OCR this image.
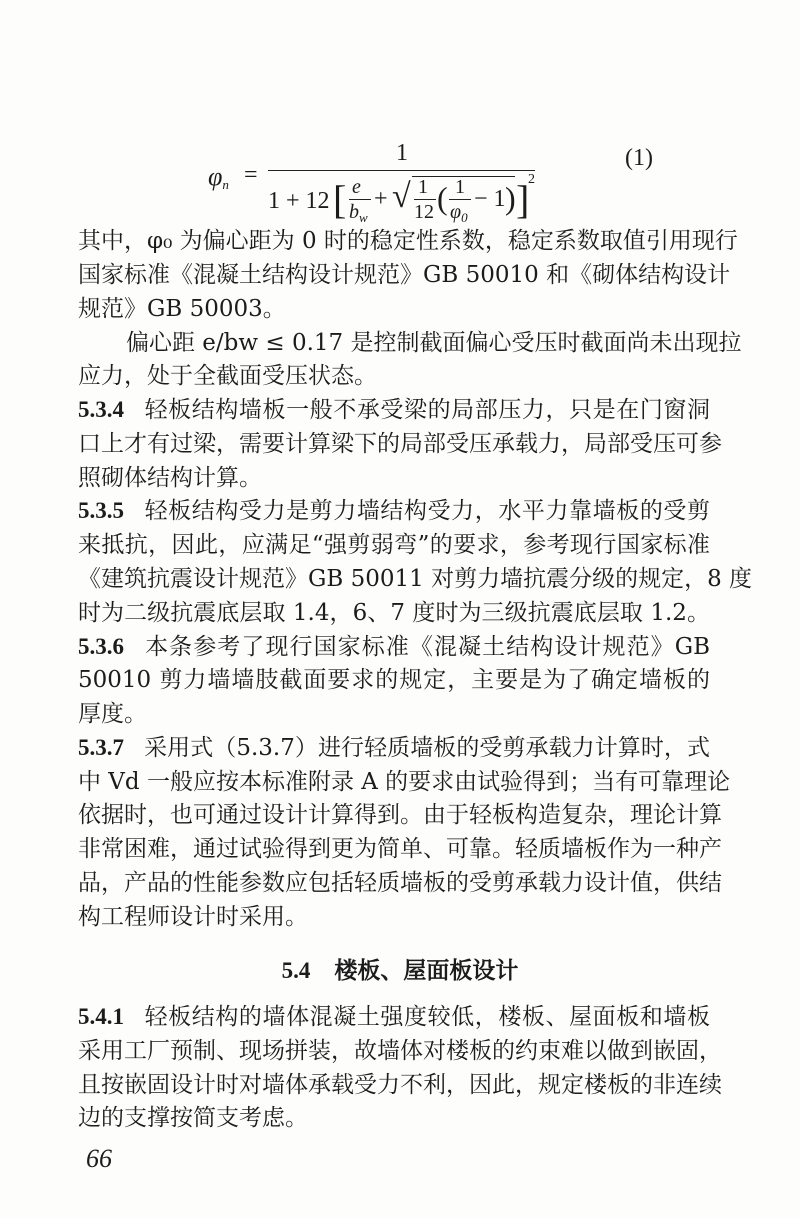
$\varphi_n$ =
1
1 + 12 [ e
$b_w$
+ √ 1
12 ( 1
$\varphi_0$
− 1 ) ]
2
(1)
其中，φ₀ 为偏心距为 0 时的稳定性系数，稳定系数取值引用现行
国家标准《混凝土结构设计规范》GB 50010 和《砌体结构设计
规范》GB 50003。
偏心距 e/bw ≤ 0.17 是控制截面偏心受压时截面尚未出现拉
应力，处于全截面受压状态。
5.3.4 轻板结构墙板一般不承受梁的局部压力，只是在门窗洞
口上才有过梁，需要计算梁下的局部受压承载力，局部受压可参
照砌体结构计算。
5.3.5 轻板结构受力是剪力墙结构受力，水平力靠墙板的受剪
来抵抗，因此，应满足“强剪弱弯”的要求，参考现行国家标准
《建筑抗震设计规范》GB 50011 对剪力墙抗震分级的规定，8 度
时为二级抗震底层取 1.4，6、7 度时为三级抗震底层取 1.2。
5.3.6 本条参考了现行国家标准《混凝土结构设计规范》GB
50010 剪力墙墙肢截面要求的规定，主要是为了确定墙板的
厚度。
5.3.7 采用式（5.3.7）进行轻质墙板的受剪承载力计算时，式
中 Vd 一般应按本标准附录 A 的要求由试验得到；当有可靠理论
依据时，也可通过设计计算得到。由于轻板构造复杂，理论计算
非常困难，通过试验得到更为简单、可靠。轻质墙板作为一种产
品，产品的性能参数应包括轻质墙板的受剪承载力设计值，供结
构工程师设计时采用。
5.4 楼板、屋面板设计
5.4.1 轻板结构的墙体混凝土强度较低，楼板、屋面板和墙板
采用工厂预制、现场拼装，故墙体对楼板的约束难以做到嵌固，
且按嵌固设计时对墙体承载受力不利，因此，规定楼板的非连续
边的支撑按简支考虑。
66
